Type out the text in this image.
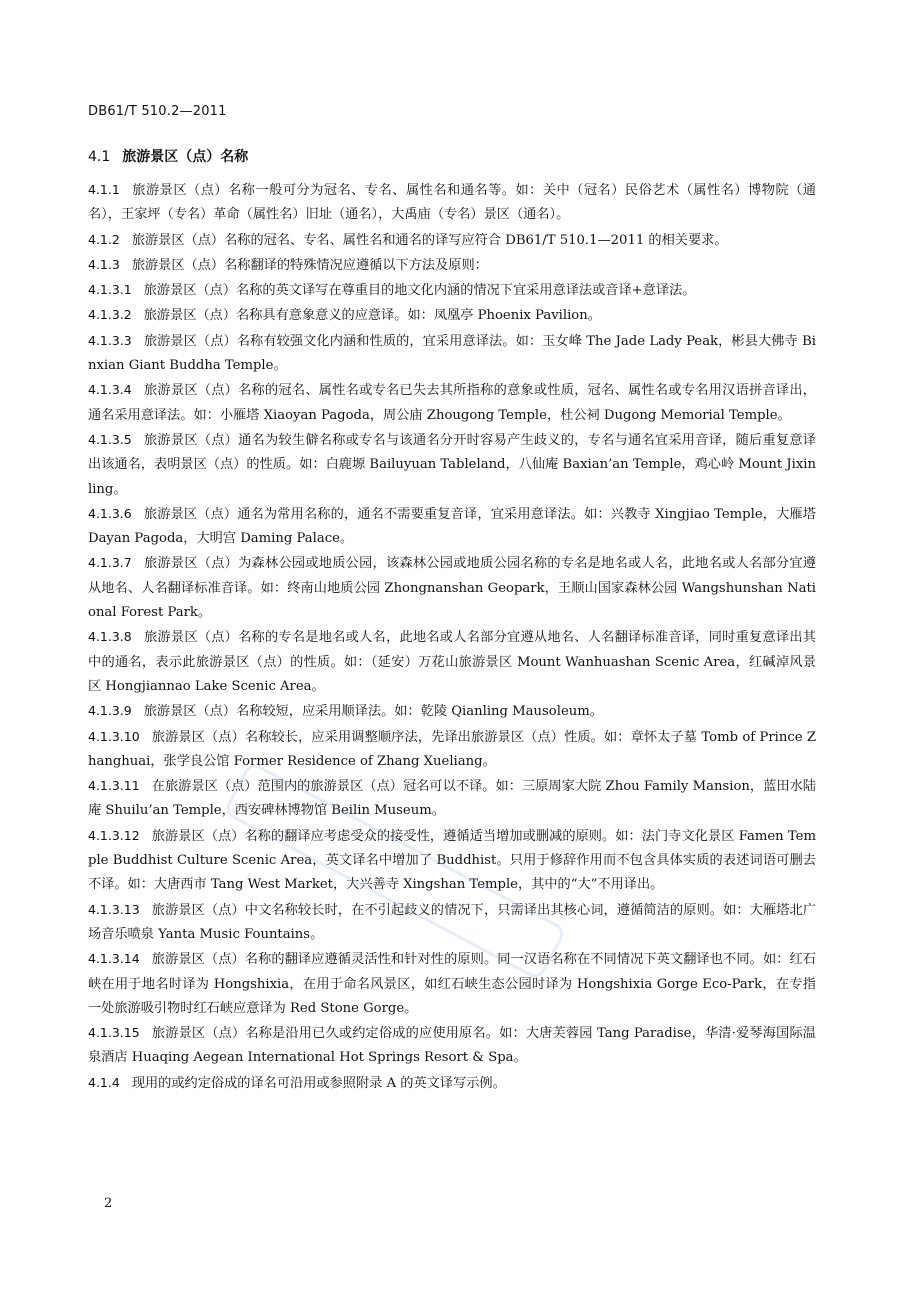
DB61/T 510.2—2011
4.1 旅游景区（点）名称

4.1.1 旅游景区（点）名称一般可分为冠名、专名、属性名和通名等。如：关中（冠名）民俗艺术（属性名）博物院（通名），王家坪（专名）革命（属性名）旧址（通名），大禹庙（专名）景区（通名）。

4.1.2 旅游景区（点）名称的冠名、专名、属性名和通名的译写应符合 DB61/T 510.1—2011 的相关要求。

4.1.3 旅游景区（点）名称翻译的特殊情况应遵循以下方法及原则：

4.1.3.1 旅游景区（点）名称的英文译写在尊重目的地文化内涵的情况下宜采用意译法或音译+意译法。

4.1.3.2 旅游景区（点）名称具有意象意义的应意译。如：凤凰亭 Phoenix Pavilion。

4.1.3.3 旅游景区（点）名称有较强文化内涵和性质的，宜采用意译法。如：玉女峰 The Jade Lady Peak，彬县大佛寺 Binxian Giant Buddha Temple。

4.1.3.4 旅游景区（点）名称的冠名、属性名或专名已失去其所指称的意象或性质，冠名、属性名或专名用汉语拼音译出，通名采用意译法。如：小雁塔 Xiaoyan Pagoda，周公庙 Zhougong Temple，杜公祠 Dugong Memorial Temple。

4.1.3.5 旅游景区（点）通名为较生僻名称或专名与该通名分开时容易产生歧义的，专名与通名宜采用音译，随后重复意译出该通名，表明景区（点）的性质。如：白鹿塬 Bailuyuan Tableland，八仙庵 Baxian’an Temple，鸡心岭 Mount Jixinling。

4.1.3.6 旅游景区（点）通名为常用名称的，通名不需要重复音译，宜采用意译法。如：兴教寺 Xingjiao Temple，大雁塔 Dayan Pagoda，大明宫 Daming Palace。

4.1.3.7 旅游景区（点）为森林公园或地质公园，该森林公园或地质公园名称的专名是地名或人名，此地名或人名部分宜遵从地名、人名翻译标准音译。如：终南山地质公园 Zhongnanshan Geopark，王顺山国家森林公园 Wangshunshan National Forest Park。

4.1.3.8 旅游景区（点）名称的专名是地名或人名，此地名或人名部分宜遵从地名、人名翻译标准音译，同时重复意译出其中的通名，表示此旅游景区（点）的性质。如：（延安）万花山旅游景区 Mount Wanhuashan Scenic Area，红碱淖风景区 Hongjiannao Lake Scenic Area。

4.1.3.9 旅游景区（点）名称较短，应采用顺译法。如：乾陵 Qianling Mausoleum。

4.1.3.10 旅游景区（点）名称较长，应采用调整顺序法，先译出旅游景区（点）性质。如：章怀太子墓 Tomb of Prince Zhanghuai，张学良公馆 Former Residence of Zhang Xueliang。

4.1.3.11 在旅游景区（点）范围内的旅游景区（点）冠名可以不译。如：三原周家大院 Zhou Family Mansion，蓝田水陆庵 Shuilu’an Temple，西安碑林博物馆 Beilin Museum。

4.1.3.12 旅游景区（点）名称的翻译应考虑受众的接受性，遵循适当增加或删减的原则。如：法门寺文化景区 Famen Temple Buddhist Culture Scenic Area，英文译名中增加了 Buddhist。只用于修辞作用而不包含具体实质的表述词语可删去不译。如：大唐西市 Tang West Market，大兴善寺 Xingshan Temple，其中的“大”不用译出。

4.1.3.13 旅游景区（点）中文名称较长时，在不引起歧义的情况下，只需译出其核心词，遵循简洁的原则。如：大雁塔北广场音乐喷泉 Yanta Music Fountains。

4.1.3.14 旅游景区（点）名称的翻译应遵循灵活性和针对性的原则。同一汉语名称在不同情况下英文翻译也不同。如：红石峡在用于地名时译为 Hongshixia，在用于命名风景区，如红石峡生态公园时译为 Hongshixia Gorge Eco-Park，在专指一处旅游吸引物时红石峡应意译为 Red Stone Gorge。

4.1.3.15 旅游景区（点）名称是沿用已久或约定俗成的应使用原名。如：大唐芙蓉园 Tang Paradise，华清·爱琴海国际温泉酒店 Huaqing Aegean International Hot Springs Resort & Spa。

4.1.4 现用的或约定俗成的译名可沿用或参照附录 A 的英文译写示例。

2
